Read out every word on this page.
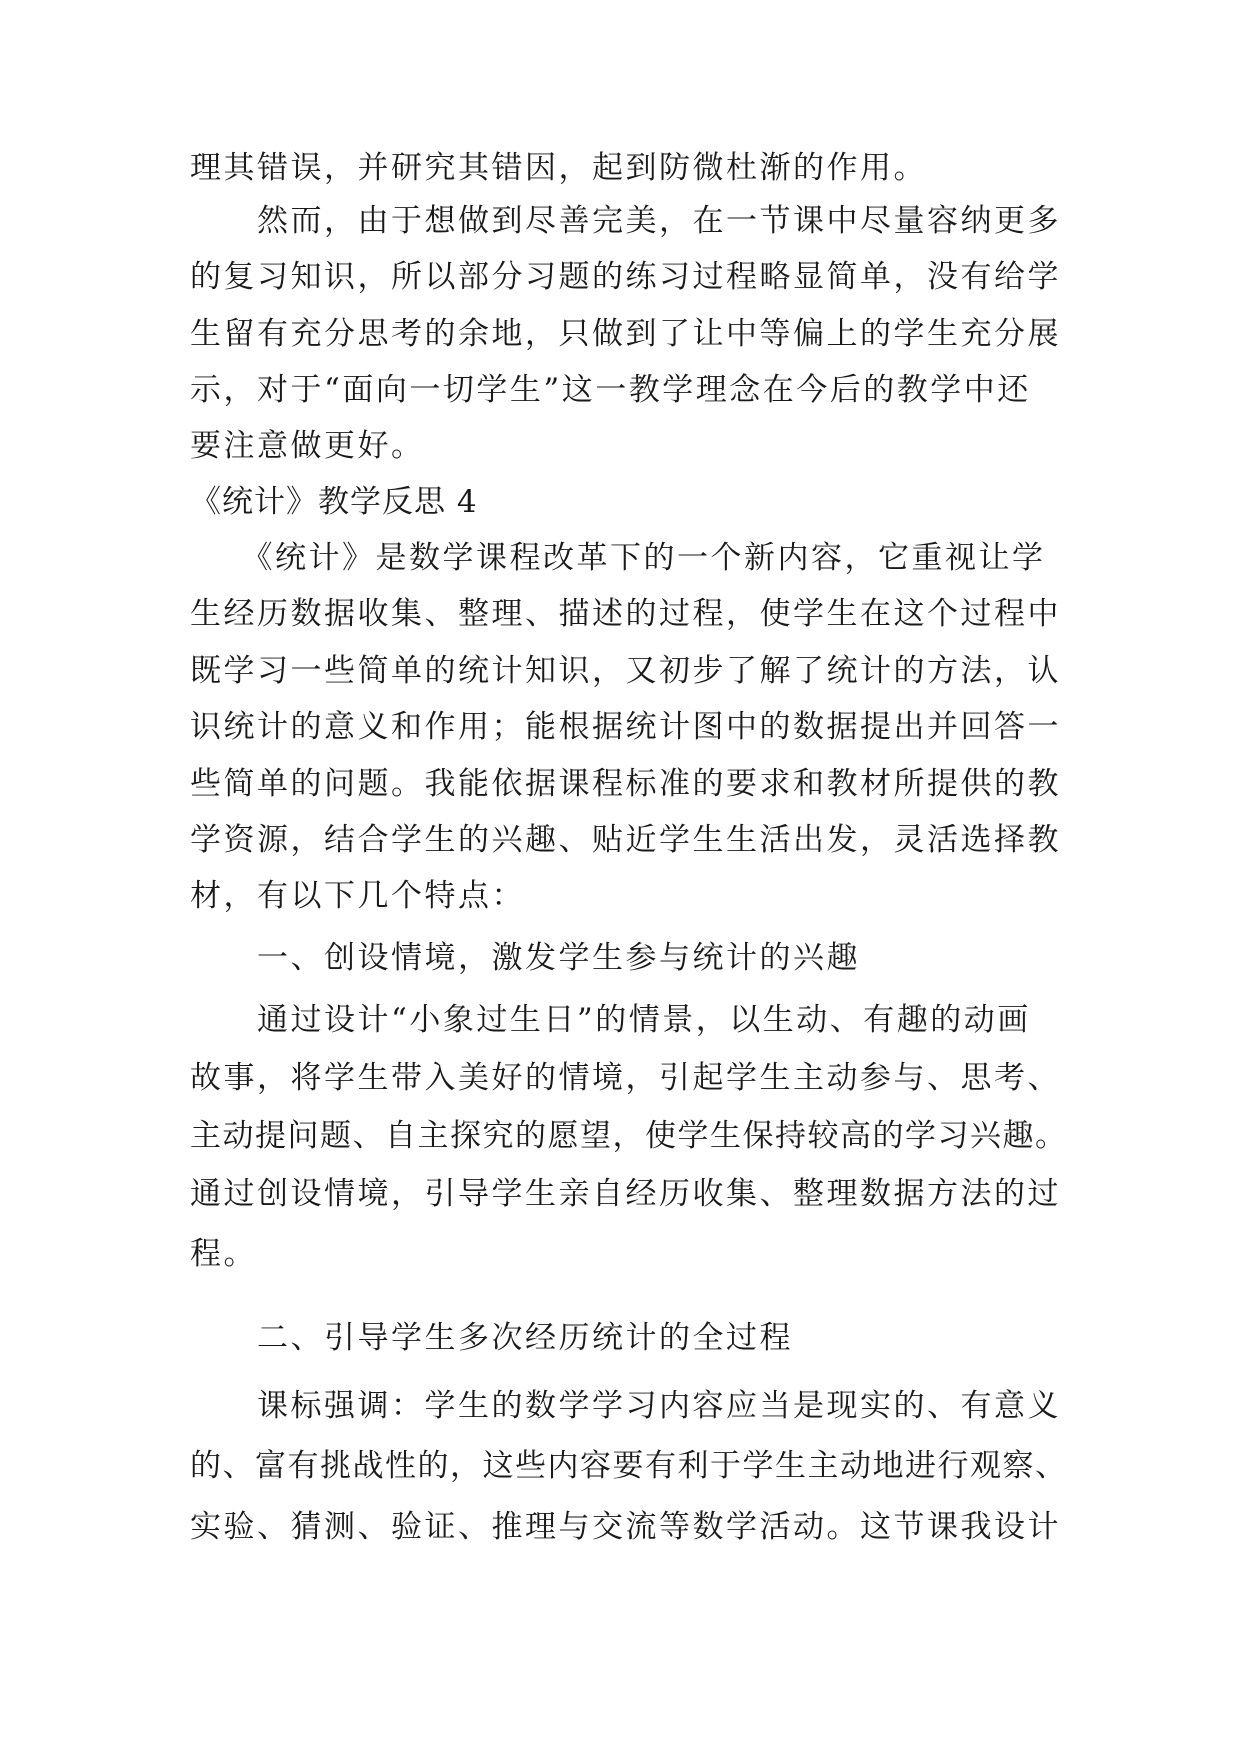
理其错误，并研究其错因，起到防微杜渐的作用。
　　然而，由于想做到尽善完美，在一节课中尽量容纳更多
的复习知识，所以部分习题的练习过程略显简单，没有给学
生留有充分思考的余地，只做到了让中等偏上的学生充分展
示，对于“面向一切学生”这一教学理念在今后的教学中还
要注意做更好。
《统计》教学反思 4
　　《统计》是数学课程改革下的一个新内容，它重视让学
生经历数据收集、整理、描述的过程，使学生在这个过程中
既学习一些简单的统计知识，又初步了解了统计的方法，认
识统计的意义和作用；能根据统计图中的数据提出并回答一
些简单的问题。我能依据课程标准的要求和教材所提供的教
学资源，结合学生的兴趣、贴近学生生活出发，灵活选择教
材，有以下几个特点：
　　一、创设情境，激发学生参与统计的兴趣
　　通过设计“小象过生日”的情景，以生动、有趣的动画
故事，将学生带入美好的情境，引起学生主动参与、思考、
主动提问题、自主探究的愿望，使学生保持较高的学习兴趣。
通过创设情境，引导学生亲自经历收集、整理数据方法的过
程。
　　二、引导学生多次经历统计的全过程
　　课标强调：学生的数学学习内容应当是现实的、有意义
的、富有挑战性的，这些内容要有利于学生主动地进行观察、
实验、猜测、验证、推理与交流等数学活动。这节课我设计
